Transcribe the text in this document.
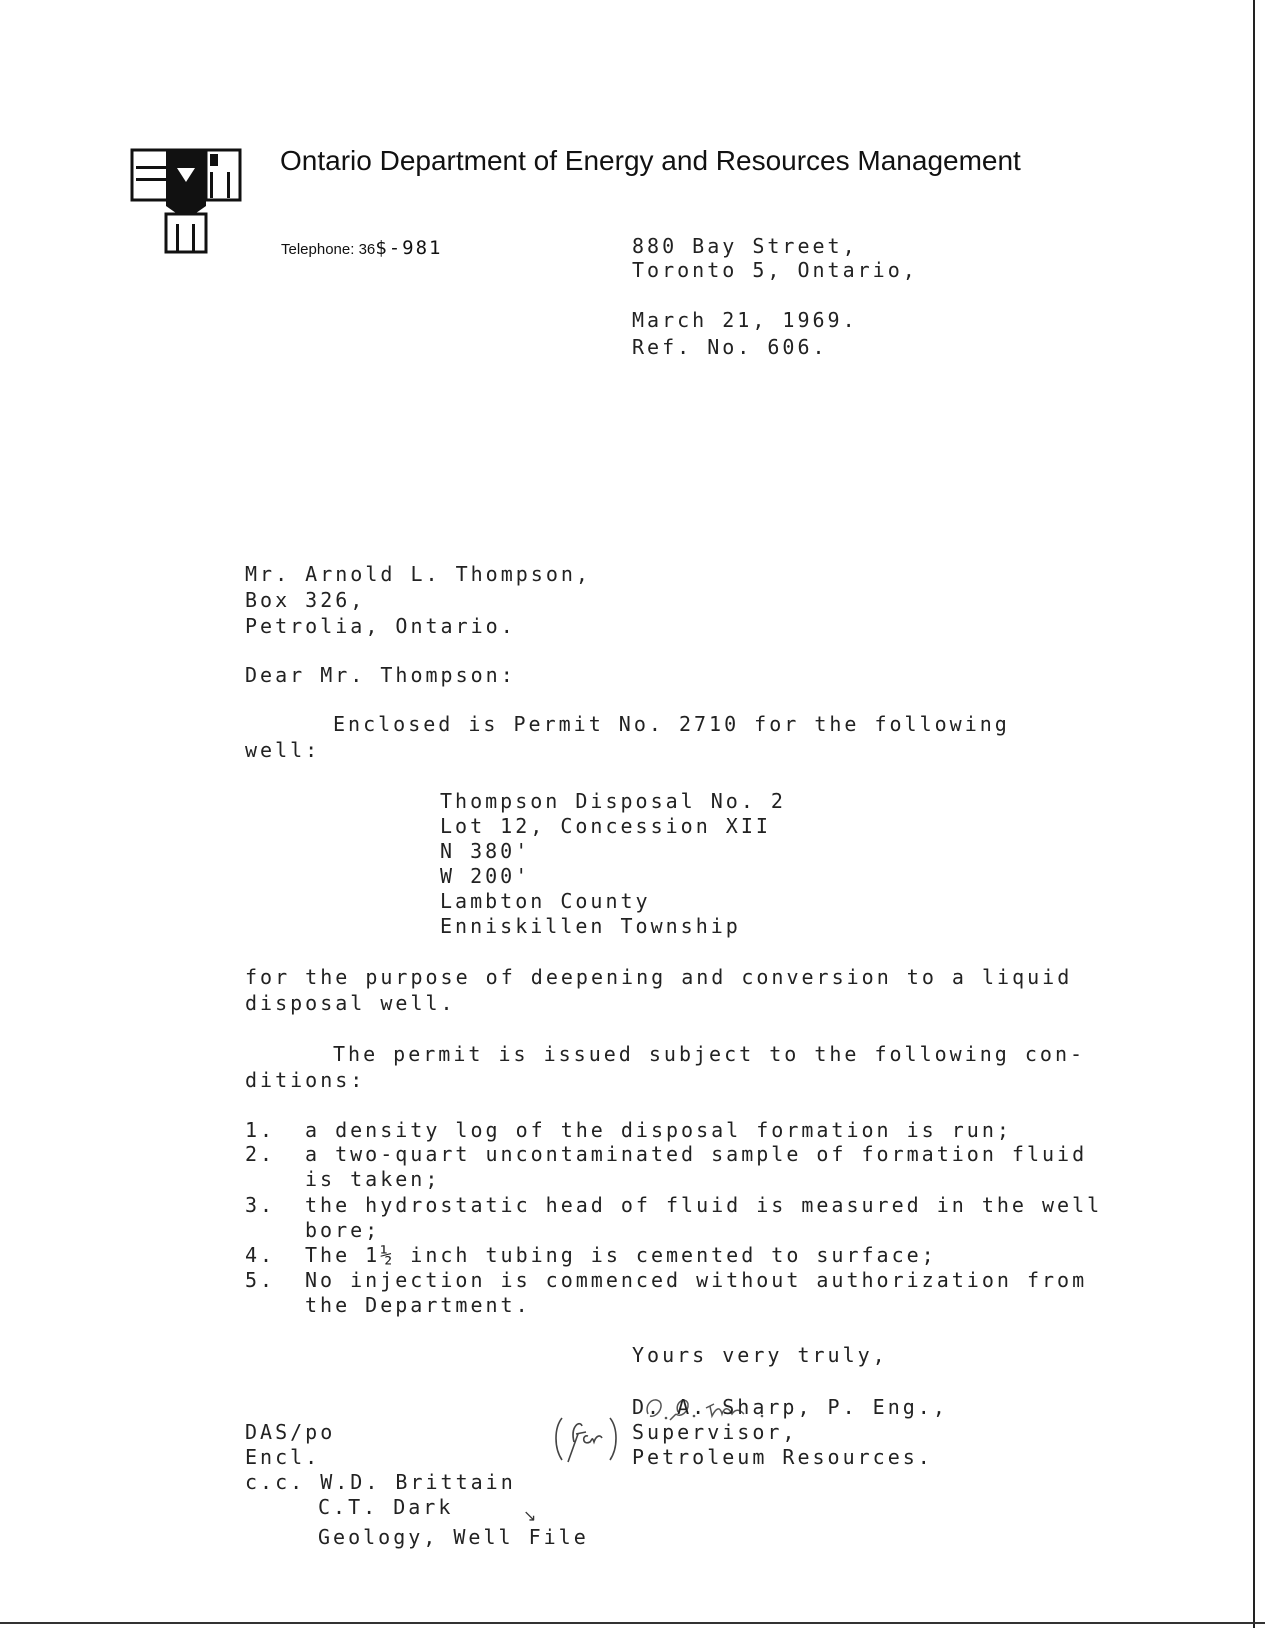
Ontario Department of Energy and Resources Management
Telephone: 36$-981	880 Bay Street,
Toronto 5, Ontario,
March 21, 1969.
Ref. No. 606.
Mr. Arnold L. Thompson,
Box 326,
Petrolia, Ontario.
Dear Mr. Thompson:
Enclosed is Permit No. 2710 for the following
well:
Thompson Disposal No. 2
Lot 12, Concession XII
N 380'
W 200'
Lambton County
Enniskillen Township
for the purpose of deepening and conversion to a liquid
disposal well.
The permit is issued subject to the following con-
ditions:
1. a density log of the disposal formation is run;
2. a two-quart uncontaminated sample of formation fluid
is taken;
3. the hydrostatic head of fluid is measured in the well
bore;
4. The 1½ inch tubing is cemented to surface;
5. No injection is commenced without authorization from
the Department.
Yours very truly,
D. A. Sharp, P. Eng.,
Supervisor,
Petroleum Resources.
DAS/po
Encl.
c.c. W.D. Brittain
↘
C.T. Dark
Geology, Well File
